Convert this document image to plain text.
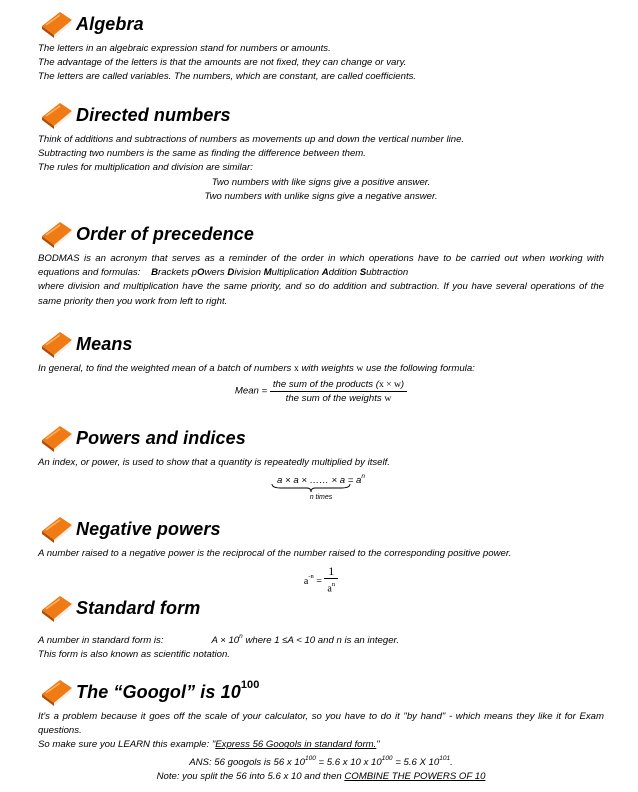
Algebra
The letters in an algebraic expression stand for numbers or amounts.
The advantage of the letters is that the amounts are not fixed, they can change or vary.
The letters are called variables. The numbers, which are constant, are called coefficients.
Directed numbers
Think of additions and subtractions of numbers as movements up and down the vertical number line.
Subtracting two numbers is the same as finding the difference between them.
The rules for multiplication and division are similar:
Two numbers with like signs give a positive answer.
Two numbers with unlike signs give a negative answer.
Order of precedence
BODMAS is an acronym that serves as a reminder of the order in which operations have to be carried out when working with equations and formulas: Brackets pOwers Division Multiplication Addition Subtraction
where division and multiplication have the same priority, and so do addition and subtraction. If you have several operations of the same priority then you work from left to right.
Means
In general, to find the weighted mean of a batch of numbers x with weights w use the following formula:
Mean = $\frac{\text{the sum of the products (x × w)}}{\text{the sum of the weights w}}$
Powers and indices
An index, or power, is used to show that a quantity is repeatedly multiplied by itself.
a × a × …… × $a = a^n$
n times
Negative powers
A number raised to a negative power is the reciprocal of the number raised to the corresponding positive power.
$a^{-n} = \frac{1}{a^n}$
Standard form
A number in standard form is:	$A \times 10^n$ where 1 ≤A < 10 and n is an integer.
This form is also known as scientific notation.
The “Googol” is $10^{100}$
It's a problem because it goes off the scale of your calculator, so you have to do it "by hand" - which means they like it for Exam questions.
So make sure you LEARN this example: "Express 56 Googols in standard form."
ANS: 56 googols is 56 x $10^{100} = 5.6$ x 10 x $10^{100} = 5.6$ X $10^{101}$.
Note: you split the 56 into 5.6 x 10 and then COMBINE THE POWERS OF 10
